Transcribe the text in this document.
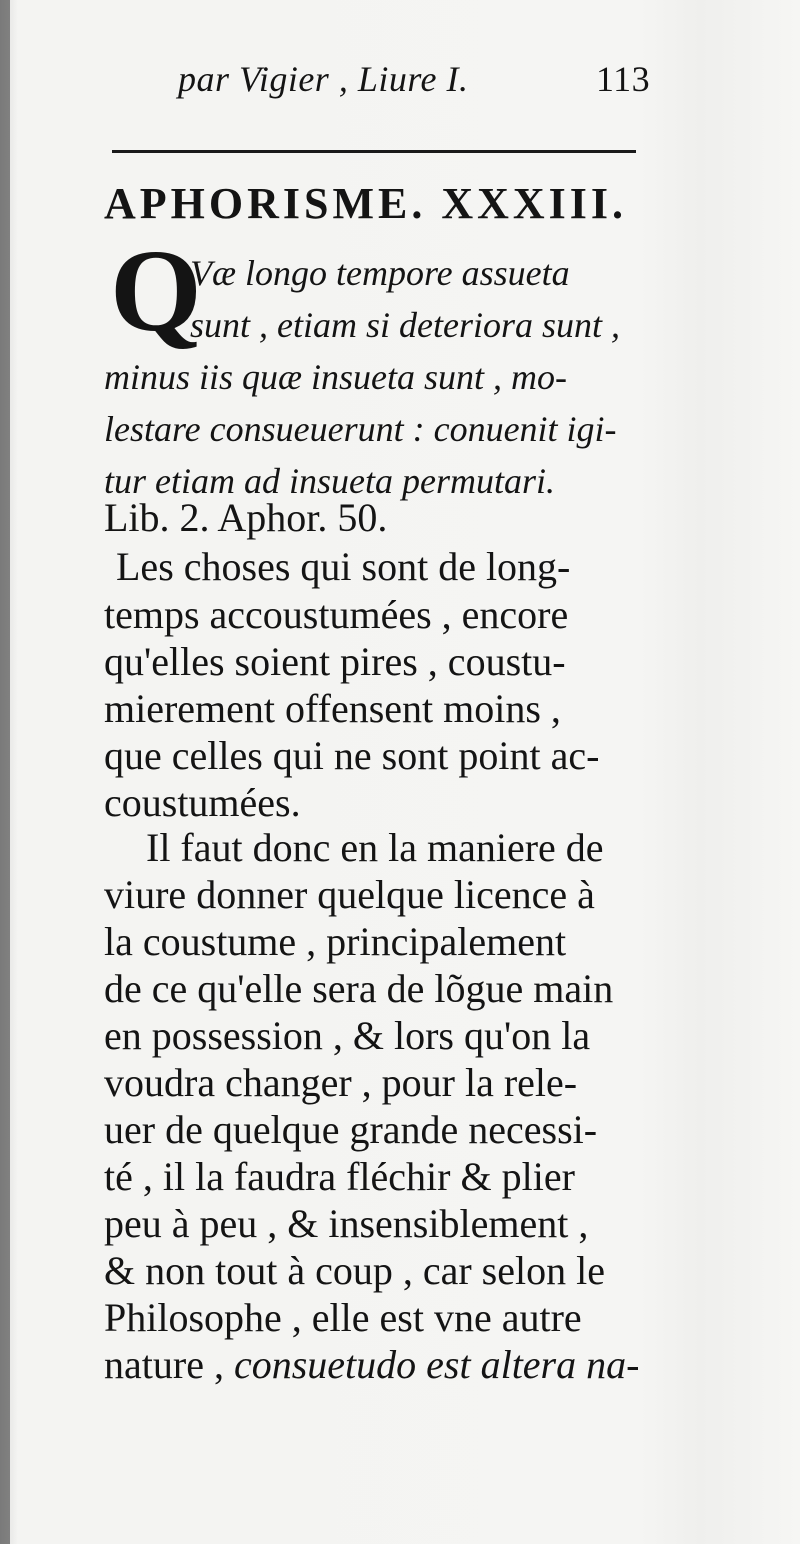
par Vigier , Liure I.	113
APHORISME. XXXIII.
Q
Væ longo tempore assueta
sunt , etiam si deteriora sunt ,
minus iis quæ insueta sunt , mo-
lestare consueuerunt : conuenit igi-
tur etiam ad insueta permutari.
Lib. 2. Aphor. 50.
Les choses qui sont de long-
temps accoustumées , encore
qu'elles soient pires , coustu-
mierement offensent moins ,
que celles qui ne sont point ac-
coustumées.
Il faut donc en la maniere de
viure donner quelque licence à
la coustume , principalement
de ce qu'elle sera de lõgue main
en possession , & lors qu'on la
voudra changer , pour la rele-
uer de quelque grande necessi-
té , il la faudra fléchir & plier
peu à peu , & insensiblement ,
& non tout à coup , car selon le
Philosophe , elle est vne autre
nature , consuetudo est altera na-
